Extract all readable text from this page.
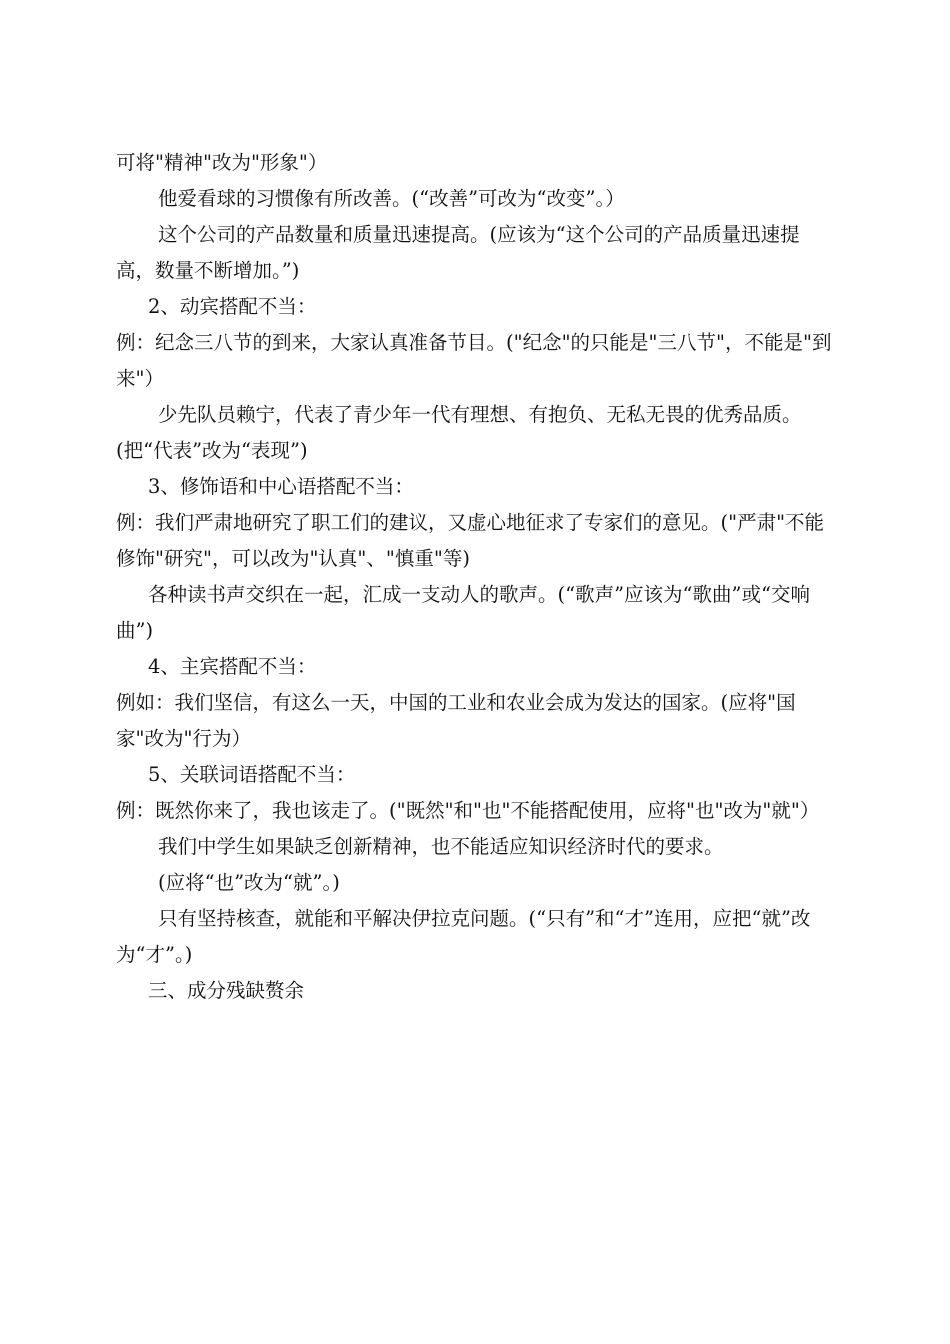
可将"精神"改为"形象"）

他爱看球的习惯像有所改善。(“改善”可改为“改变”。）

这个公司的产品数量和质量迅速提高。(应该为“这个公司的产品质量迅速提高，数量不断增加。”)

2、动宾搭配不当：

例：纪念三八节的到来，大家认真准备节目。("纪念"的只能是"三八节"，不能是"到来"）

少先队员赖宁，代表了青少年一代有理想、有抱负、无私无畏的优秀品质。(把“代表”改为“表现”)

3、修饰语和中心语搭配不当：

例：我们严肃地研究了职工们的建议，又虚心地征求了专家们的意见。("严肃"不能修饰"研究"，可以改为"认真"、"慎重"等)

各种读书声交织在一起，汇成一支动人的歌声。(“歌声”应该为“歌曲”或“交响曲”)

4、主宾搭配不当：

例如：我们坚信，有这么一天，中国的工业和农业会成为发达的国家。(应将"国家"改为"行为）

5、关联词语搭配不当：

例：既然你来了，我也该走了。("既然"和"也"不能搭配使用，应将"也"改为"就"）

我们中学生如果缺乏创新精神，也不能适应知识经济时代的要求。

(应将“也”改为“就”。)

只有坚持核查，就能和平解决伊拉克问题。(“只有”和“才”连用，应把“就”改为“才”。)

三、成分残缺赘余
